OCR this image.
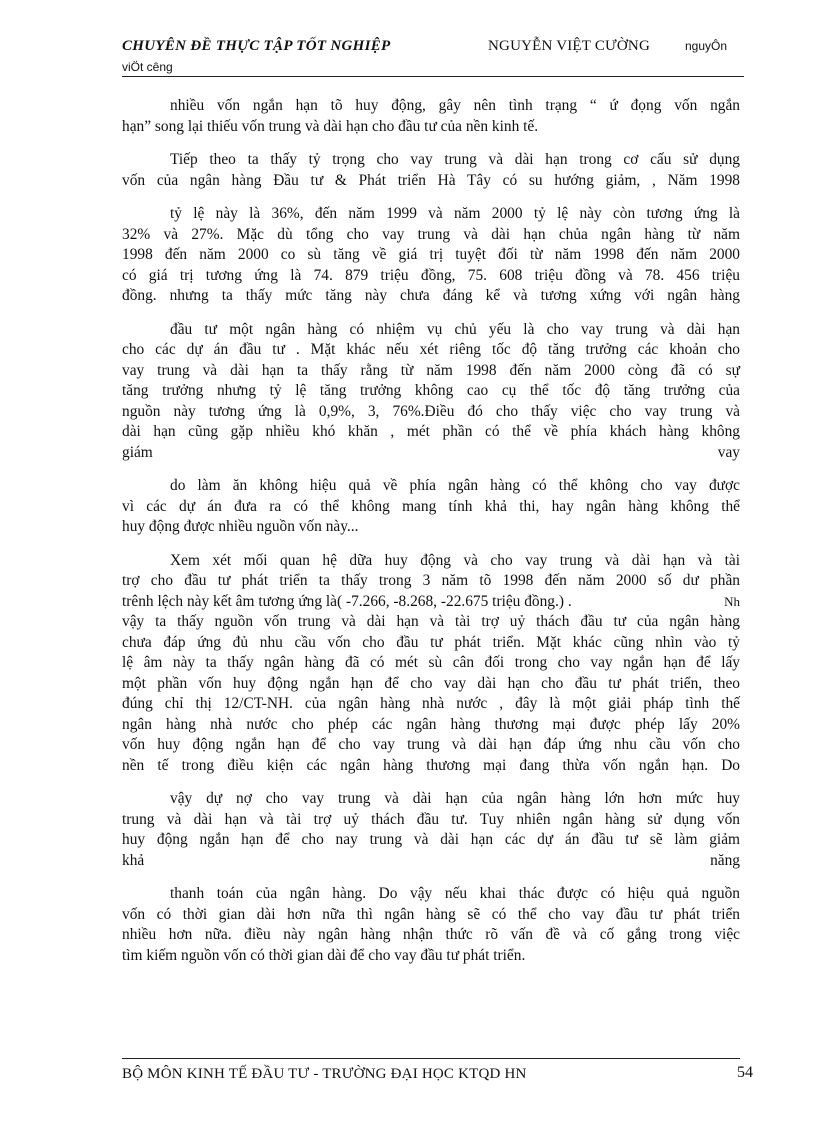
CHUYÊN ĐỀ THỰC TẬP TỐT NGHIỆP	NGUYỄN VIỆT CƯỜNG	nguyÔn
viÖt cêng
nhiều vốn ngắn hạn tõ huy động, gây nên tình trạng “ ứ đọng vốn ngắn
hạn” song lại thiếu vốn trung và dài hạn cho đầu tư của nền kinh tế.
Tiếp theo ta thấy tỷ trọng cho vay trung và dài hạn trong cơ cấu sử dụng
vốn của ngân hàng Đầu tư & Phát triển Hà Tây có su hướng giảm, , Năm 1998
tỷ lệ này là 36%, đến năm 1999 và năm 2000 tỷ lệ này còn tương ứng là
32% và 27%. Mặc dù tổng cho vay trung và dài hạn chủa ngân hàng từ năm
1998 đến năm 2000 co sù tăng về giá trị tuyệt đối từ năm 1998 đến năm 2000
có giá trị tương ứng là 74. 879 triệu đồng, 75. 608 triệu đồng và 78. 456 triệu
đồng. nhưng ta thấy mức tăng này chưa đáng kể và tương xứng với ngân hàng
đầu tư một ngân hàng có nhiệm vụ chủ yếu là cho vay trung và dài hạn
cho các dự án đầu tư . Mặt khác nếu xét riêng tốc độ tăng trưởng các khoản cho
vay trung và dài hạn ta thấy rằng từ năm 1998 đến năm 2000 còng đã có sự
tăng trưởng nhưng tỷ lệ tăng trưởng không cao cụ thể tốc độ tăng trưởng của
nguồn này tương ứng là 0,9%, 3, 76%.Điều đó cho thấy việc cho vay trung và
dài hạn cũng gặp nhiều khó khăn , mét phần có thể về phía khách hàng không
giám	vay
do làm ăn không hiệu quả về phía ngân hàng có thể không cho vay được
vì các dự án đưa ra có thể không mang tính khả thi, hay ngân hàng không thể
huy động được nhiều nguồn vốn này...
Xem xét mối quan hệ dữa huy động và cho vay trung và dài hạn và tài
trợ cho đầu tư phát triển ta thấy trong 3 năm tõ 1998 đến năm 2000 số dư phần
trênh lệch này kết âm tương ứng là( -7.266, -8.268, -22.675 triệu đồng.) .	Nh
vậy ta thấy nguồn vốn trung và dài hạn và tài trợ uỷ thách đầu tư của ngân hàng
chưa đáp ứng đủ nhu cầu vốn cho đầu tư phát triển. Mặt khác cũng nhìn vào tỷ
lệ âm này ta thấy ngân hàng đã có mét sù cân đối trong cho vay ngắn hạn để lấy
một phần vốn huy động ngắn hạn để cho vay dài hạn cho đầu tư phát triển, theo
đúng chỉ thị 12/CT-NH. của ngân hàng nhà nước , đây là một giải pháp tình thế
ngân hàng nhà nước cho phép các ngân hàng thương mại được phép lấy 20%
vốn huy động ngắn hạn để cho vay trung và dài hạn đáp ứng nhu cầu vốn cho
nền tế trong điều kiện các ngân hàng thương mại đang thừa vốn ngắn hạn. Do
vậy dự nợ cho vay trung và dài hạn của ngân hàng lớn hơn mức huy
trung và dài hạn và tài trợ uỷ thách đầu tư. Tuy nhiên ngân hàng sử dụng vốn
huy động ngắn hạn để cho nay trung và dài hạn các dự án đầu tư sẽ làm giảm
khả	năng
thanh toán của ngân hàng. Do vậy nếu khai thác được có hiệu quả nguồn
vốn có thời gian dài hơn nữa thì ngân hàng sẽ có thể cho vay đầu tư phát triển
nhiều hơn nữa. điều này ngân hàng nhận thức rõ vấn đề và cố gắng trong việc
tìm kiếm nguồn vốn có thời gian dài để cho vay đầu tư phát triển.
BỘ MÔN KINH TẾ ĐẦU TƯ - TRƯỜNG ĐẠI HỌC KTQD HN	54
